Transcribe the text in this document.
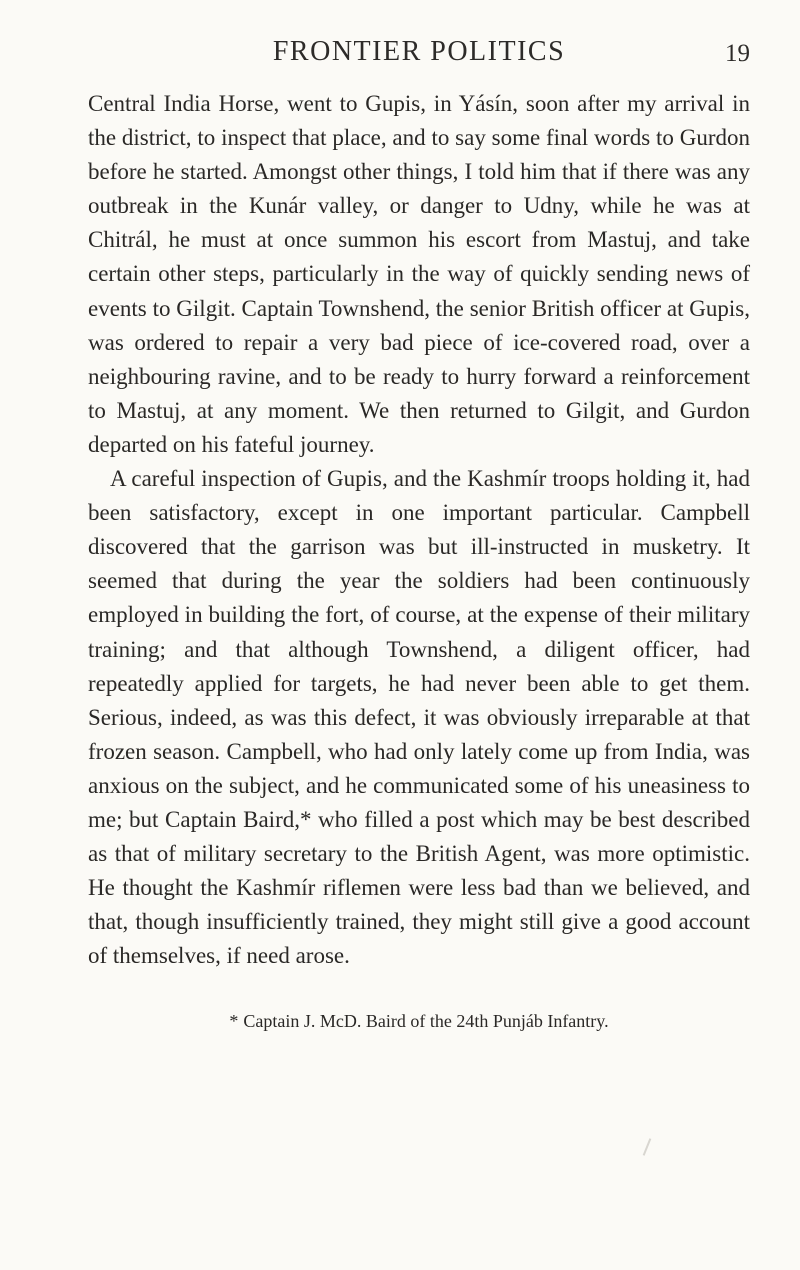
FRONTIER POLITICS	19

Central India Horse, went to Gupis, in Yásín, soon after my arrival in the district, to inspect that place, and to say some final words to Gurdon before he started. Amongst other things, I told him that if there was any outbreak in the Kunár valley, or danger to Udny, while he was at Chitrál, he must at once summon his escort from Mastuj, and take certain other steps, particularly in the way of quickly sending news of events to Gilgit. Captain Townshend, the senior British officer at Gupis, was ordered to repair a very bad piece of ice-covered road, over a neighbouring ravine, and to be ready to hurry forward a reinforcement to Mastuj, at any moment. We then returned to Gilgit, and Gurdon departed on his fateful journey.

A careful inspection of Gupis, and the Kashmír troops holding it, had been satisfactory, except in one important particular. Campbell discovered that the garrison was but ill-instructed in musketry. It seemed that during the year the soldiers had been continuously employed in building the fort, of course, at the expense of their military training; and that although Townshend, a diligent officer, had repeatedly applied for targets, he had never been able to get them. Serious, indeed, as was this defect, it was obviously irreparable at that frozen season. Campbell, who had only lately come up from India, was anxious on the subject, and he communicated some of his uneasiness to me; but Captain Baird,* who filled a post which may be best described as that of military secretary to the British Agent, was more optimistic. He thought the Kashmír riflemen were less bad than we believed, and that, though insufficiently trained, they might still give a good account of themselves, if need arose.

* Captain J. McD. Baird of the 24th Punjáb Infantry.
